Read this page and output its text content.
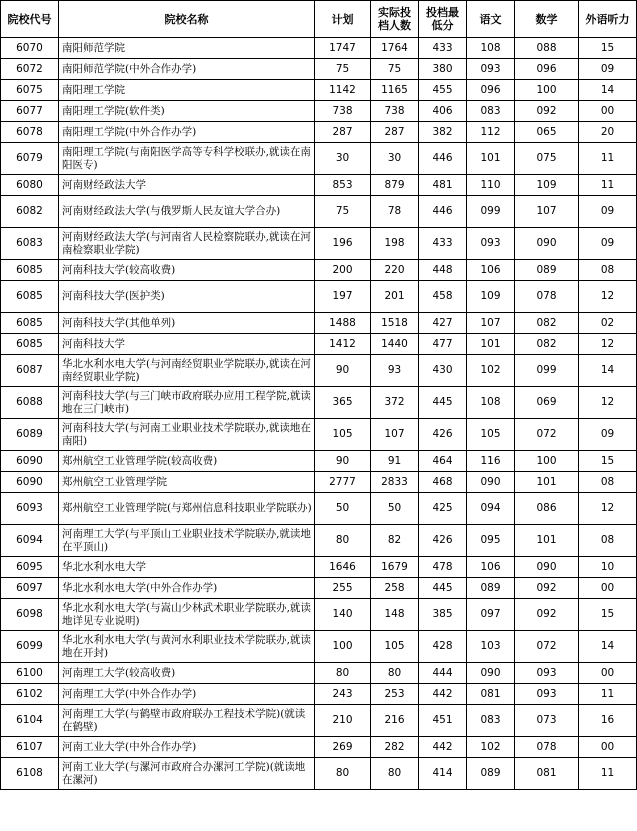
院校代号	院校名称	计划	实际投档人数	投档最低分	语文	数学	外语听力
6070	南阳师范学院	1747	1764	433	108	088	15
6072	南阳师范学院(中外合作办学)	75	75	380	093	096	09
6075	南阳理工学院	1142	1165	455	096	100	14
6077	南阳理工学院(软件类)	738	738	406	083	092	00
6078	南阳理工学院(中外合作办学)	287	287	382	112	065	20
6079	南阳理工学院(与南阳医学高等专科学校联办,就读在南阳医专)	30	30	446	101	075	11
6080	河南财经政法大学	853	879	481	110	109	11
6082	河南财经政法大学(与俄罗斯人民友谊大学合办)	75	78	446	099	107	09
6083	河南财经政法大学(与河南省人民检察院联办,就读在河南检察职业学院)	196	198	433	093	090	09
6085	河南科技大学(较高收费)	200	220	448	106	089	08
6085	河南科技大学(医护类)	197	201	458	109	078	12
6085	河南科技大学(其他单列)	1488	1518	427	107	082	02
6085	河南科技大学	1412	1440	477	101	082	12
6087	华北水利水电大学(与河南经贸职业学院联办,就读在河南经贸职业学院)	90	93	430	102	099	14
6088	河南科技大学(与三门峡市政府联办应用工程学院,就读地在三门峡市)	365	372	445	108	069	12
6089	河南科技大学(与河南工业职业技术学院联办,就读地在南阳)	105	107	426	105	072	09
6090	郑州航空工业管理学院(较高收费)	90	91	464	116	100	15
6090	郑州航空工业管理学院	2777	2833	468	090	101	08
6093	郑州航空工业管理学院(与郑州信息科技职业学院联办)	50	50	425	094	086	12
6094	河南理工大学(与平顶山工业职业技术学院联办,就读地在平顶山)	80	82	426	095	101	08
6095	华北水利水电大学	1646	1679	478	106	090	10
6097	华北水利水电大学(中外合作办学)	255	258	445	089	092	00
6098	华北水利水电大学(与嵩山少林武术职业学院联办,就读地详见专业说明)	140	148	385	097	092	15
6099	华北水利水电大学(与黄河水利职业技术学院联办,就读地在开封)	100	105	428	103	072	14
6100	河南理工大学(较高收费)	80	80	444	090	093	00
6102	河南理工大学(中外合作办学)	243	253	442	081	093	11
6104	河南理工大学(与鹤壁市政府联办工程技术学院)(就读在鹤壁)	210	216	451	083	073	16
6107	河南工业大学(中外合作办学)	269	282	442	102	078	00
6108	河南工业大学(与漯河市政府合办漯河工学院)(就读地在漯河)	80	80	414	089	081	11
